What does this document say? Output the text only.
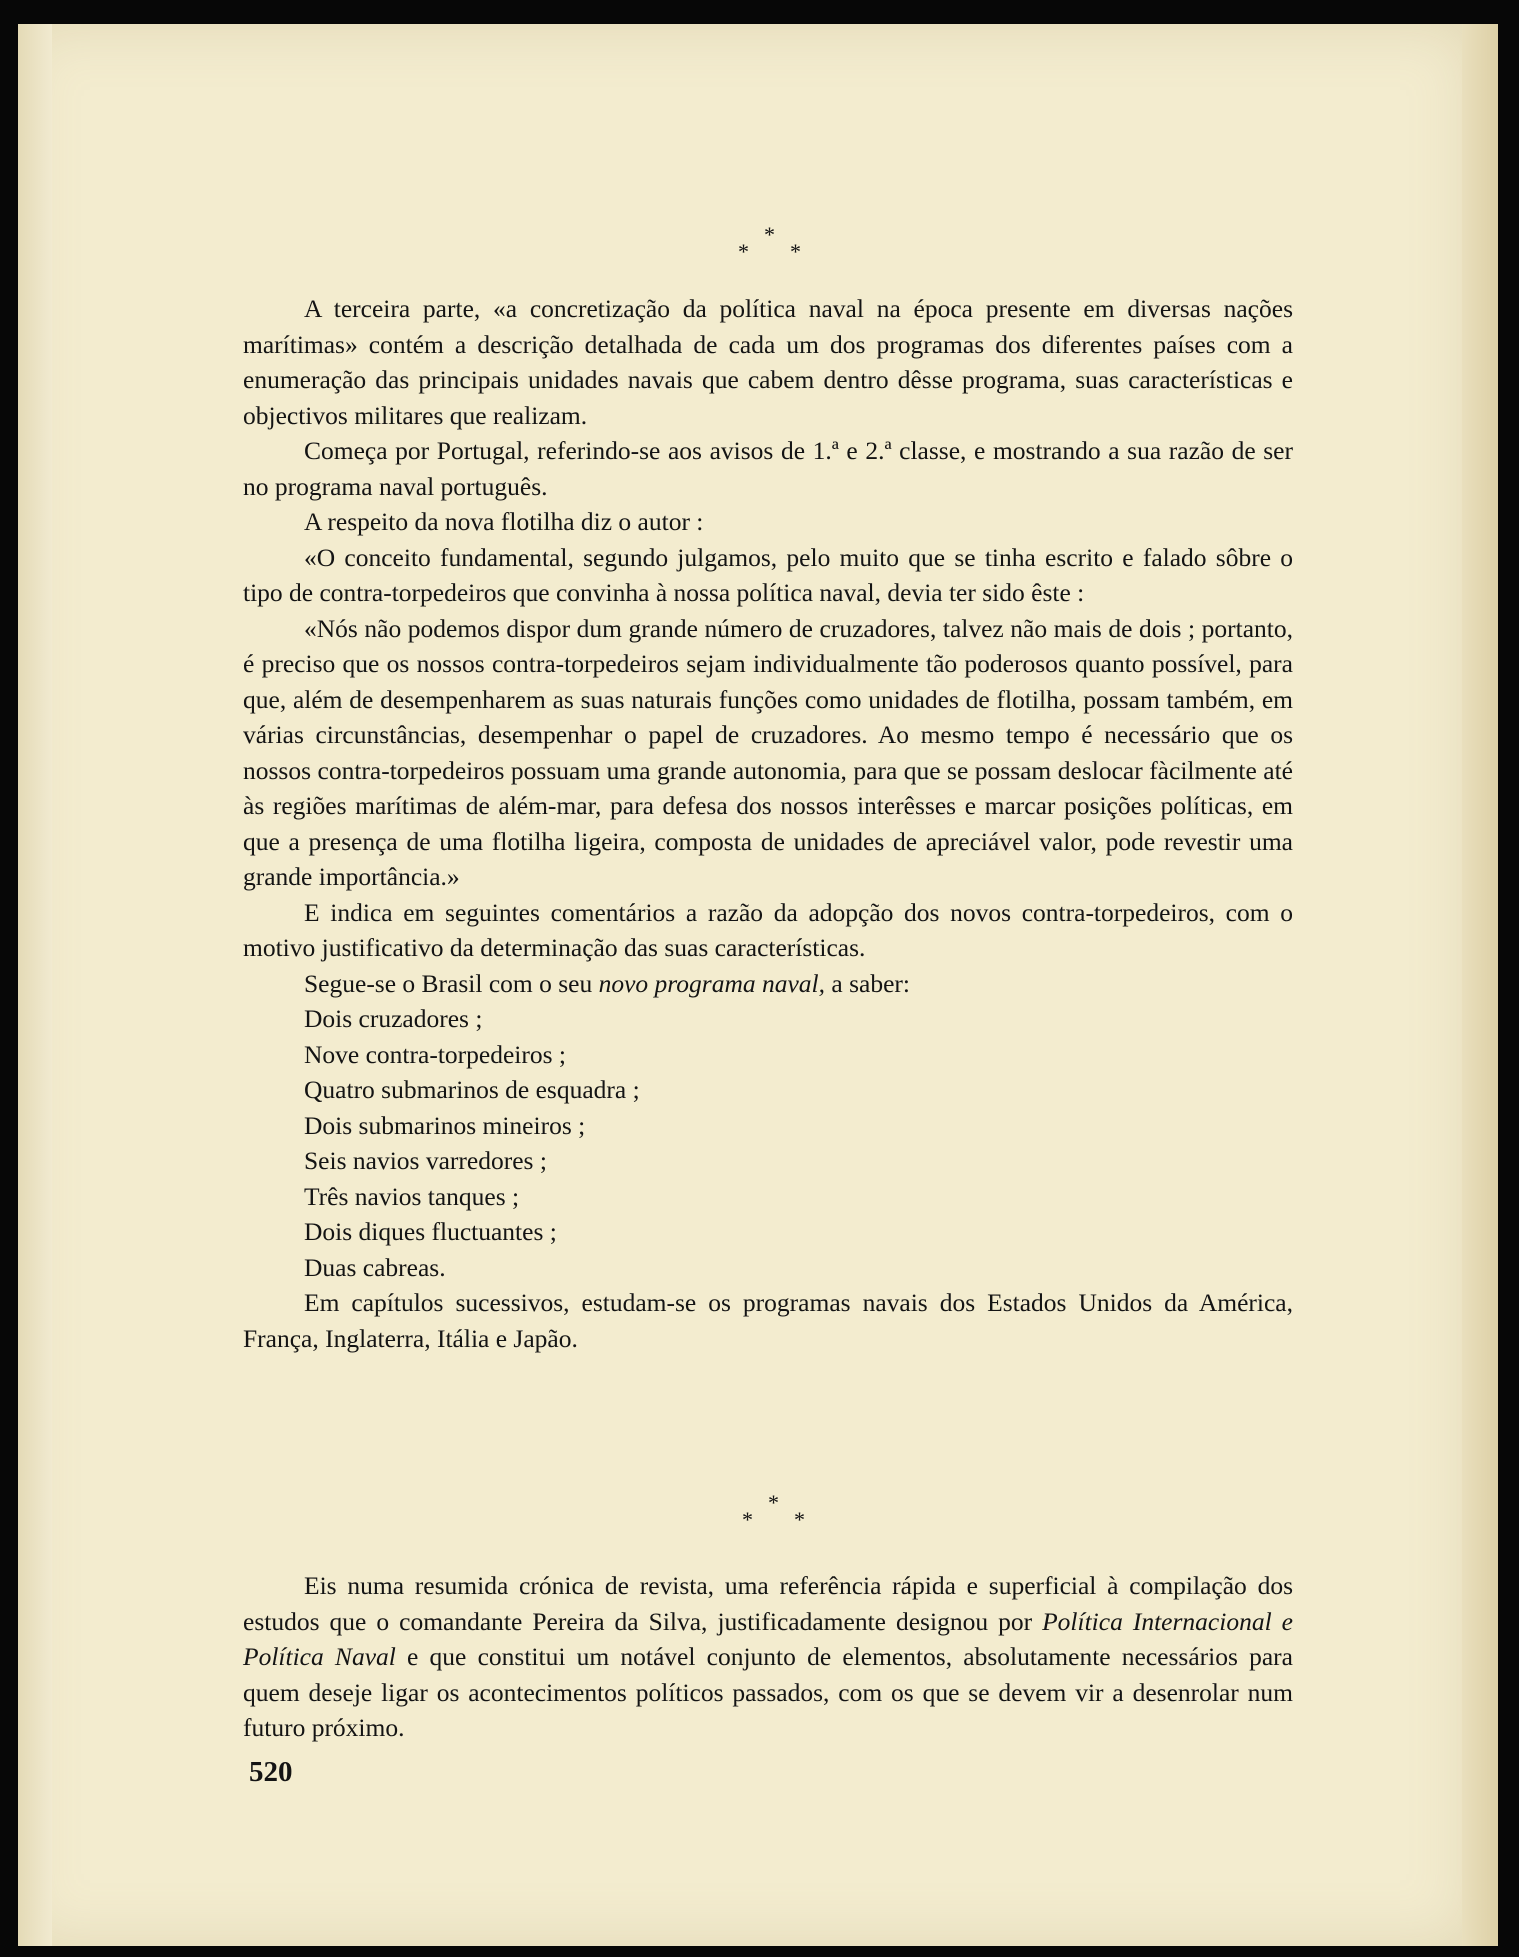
*
* *

A terceira parte, «a concretização da política naval na época presente em diversas nações marítimas» contém a descrição detalhada de cada um dos programas dos diferentes países com a enumeração das principais unidades navais que cabem dentro dêsse programa, suas características e objectivos militares que realizam.

Começa por Portugal, referindo-se aos avisos de 1.ª e 2.ª classe, e mostrando a sua razão de ser no programa naval português.

A respeito da nova flotilha diz o autor :

«O conceito fundamental, segundo julgamos, pelo muito que se tinha escrito e falado sôbre o tipo de contra-torpedeiros que convinha à nossa política naval, devia ter sido êste :

«Nós não podemos dispor dum grande número de cruzadores, talvez não mais de dois ; portanto, é preciso que os nossos contra-torpedeiros sejam individualmente tão poderosos quanto possível, para que, além de desempenharem as suas naturais funções como unidades de flotilha, possam também, em várias circunstâncias, desempenhar o papel de cruzadores. Ao mesmo tempo é necessário que os nossos contra-torpedeiros possuam uma grande autonomia, para que se possam deslocar fàcilmente até às regiões marítimas de além-mar, para defesa dos nossos interêsses e marcar posições políticas, em que a presença de uma flotilha ligeira, composta de unidades de apreciável valor, pode revestir uma grande importância.»

E indica em seguintes comentários a razão da adopção dos novos contra-torpedeiros, com o motivo justificativo da determinação das suas características.

Segue-se o Brasil com o seu novo programa naval, a saber:

Dois cruzadores ;

Nove contra-torpedeiros ;

Quatro submarinos de esquadra ;

Dois submarinos mineiros ;

Seis navios varredores ;

Três navios tanques ;

Dois diques fluctuantes ;

Duas cabreas.

Em capítulos sucessivos, estudam-se os programas navais dos Estados Unidos da América, França, Inglaterra, Itália e Japão.

*
* *

Eis numa resumida crónica de revista, uma referência rápida e superficial à compilação dos estudos que o comandante Pereira da Silva, justificadamente designou por Política Internacional e Política Naval e que constitui um notável conjunto de elementos, absolutamente necessários para quem deseje ligar os acontecimentos políticos passados, com os que se devem vir a desenrolar num futuro próximo.

520
